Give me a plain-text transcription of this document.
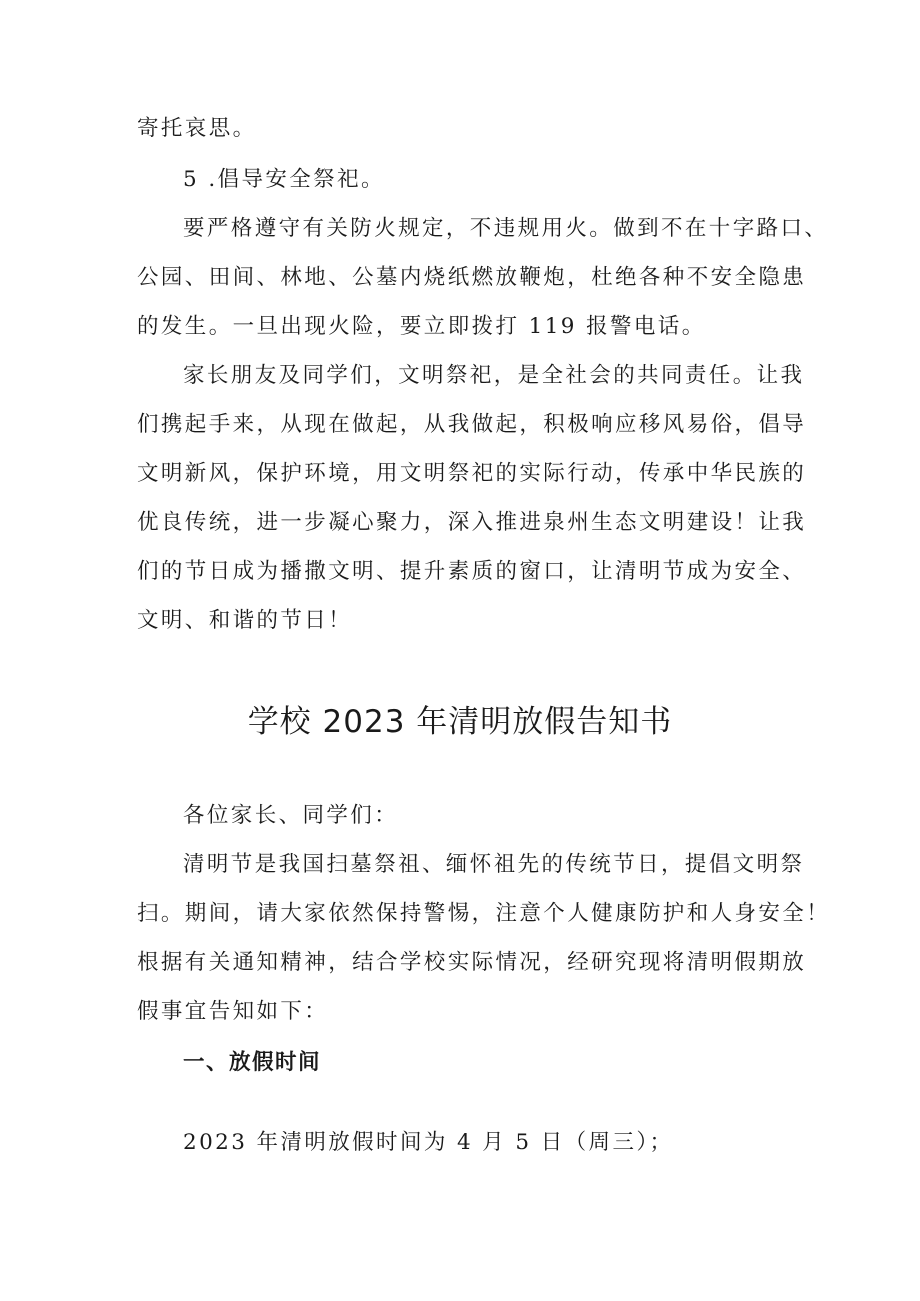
寄托哀思。
5 .倡导安全祭祀。
要严格遵守有关防火规定，不违规用火。做到不在十字路口、
公园、田间、林地、公墓内烧纸燃放鞭炮，杜绝各种不安全隐患
的发生。一旦出现火险，要立即拨打 119 报警电话。
家长朋友及同学们，文明祭祀，是全社会的共同责任。让我
们携起手来，从现在做起，从我做起，积极响应移风易俗，倡导
文明新风，保护环境，用文明祭祀的实际行动，传承中华民族的
优良传统，进一步凝心聚力，深入推进泉州生态文明建设！让我
们的节日成为播撒文明、提升素质的窗口，让清明节成为安全、
文明、和谐的节日！
学校 2023 年清明放假告知书
各位家长、同学们：
清明节是我国扫墓祭祖、缅怀祖先的传统节日，提倡文明祭
扫。期间，请大家依然保持警惕，注意个人健康防护和人身安全！
根据有关通知精神，结合学校实际情况，经研究现将清明假期放
假事宜告知如下：
一、放假时间
2023 年清明放假时间为 4 月 5 日（周三）；
